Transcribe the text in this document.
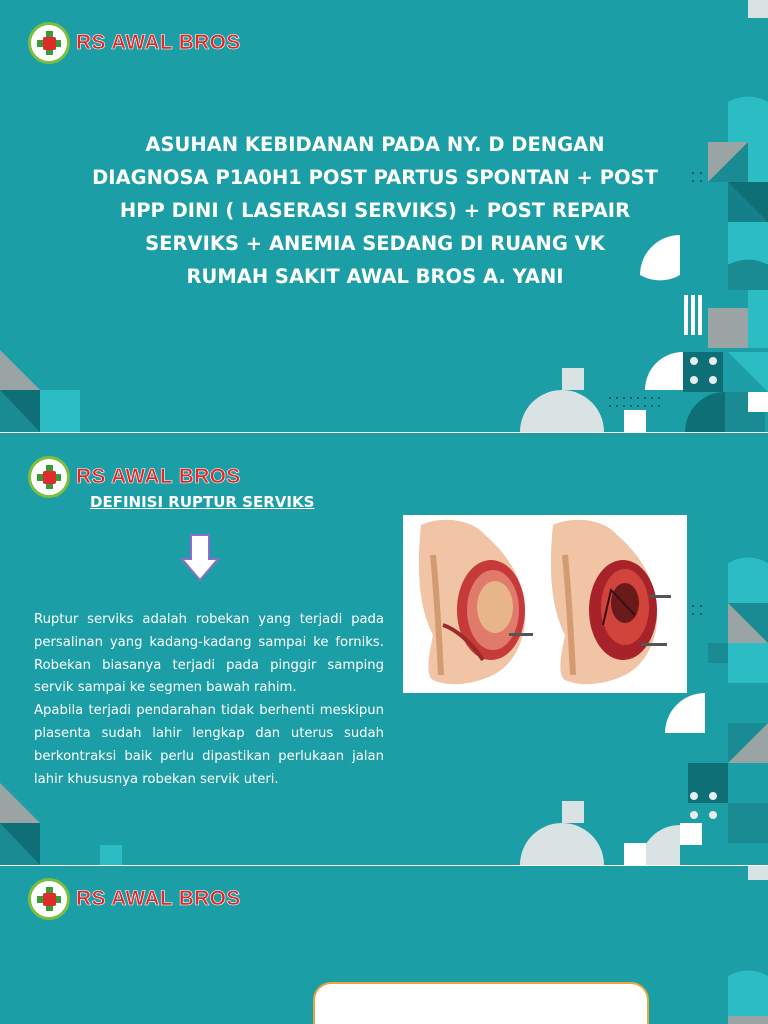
RS AWAL BROS
ASUHAN KEBIDANAN PADA NY. D DENGAN
DIAGNOSA P1A0H1 POST PARTUS SPONTAN + POST
HPP DINI ( LASERASI SERVIKS) + POST REPAIR
SERVIKS + ANEMIA SEDANG DI RUANG VK
RUMAH SAKIT AWAL BROS A. YANI
RS AWAL BROS
DEFINISI RUPTUR SERVIKS

Ruptur serviks adalah robekan yang terjadi pada persalinan yang kadang-kadang sampai ke forniks. Robekan biasanya terjadi pada pinggir samping servik sampai ke segmen bawah rahim.

Apabila terjadi pendarahan tidak berhenti meskipun plasenta sudah lahir lengkap dan uterus sudah berkontraksi baik perlu dipastikan perlukaan jalan lahir khususnya robekan servik uteri.

RS AWAL BROS
